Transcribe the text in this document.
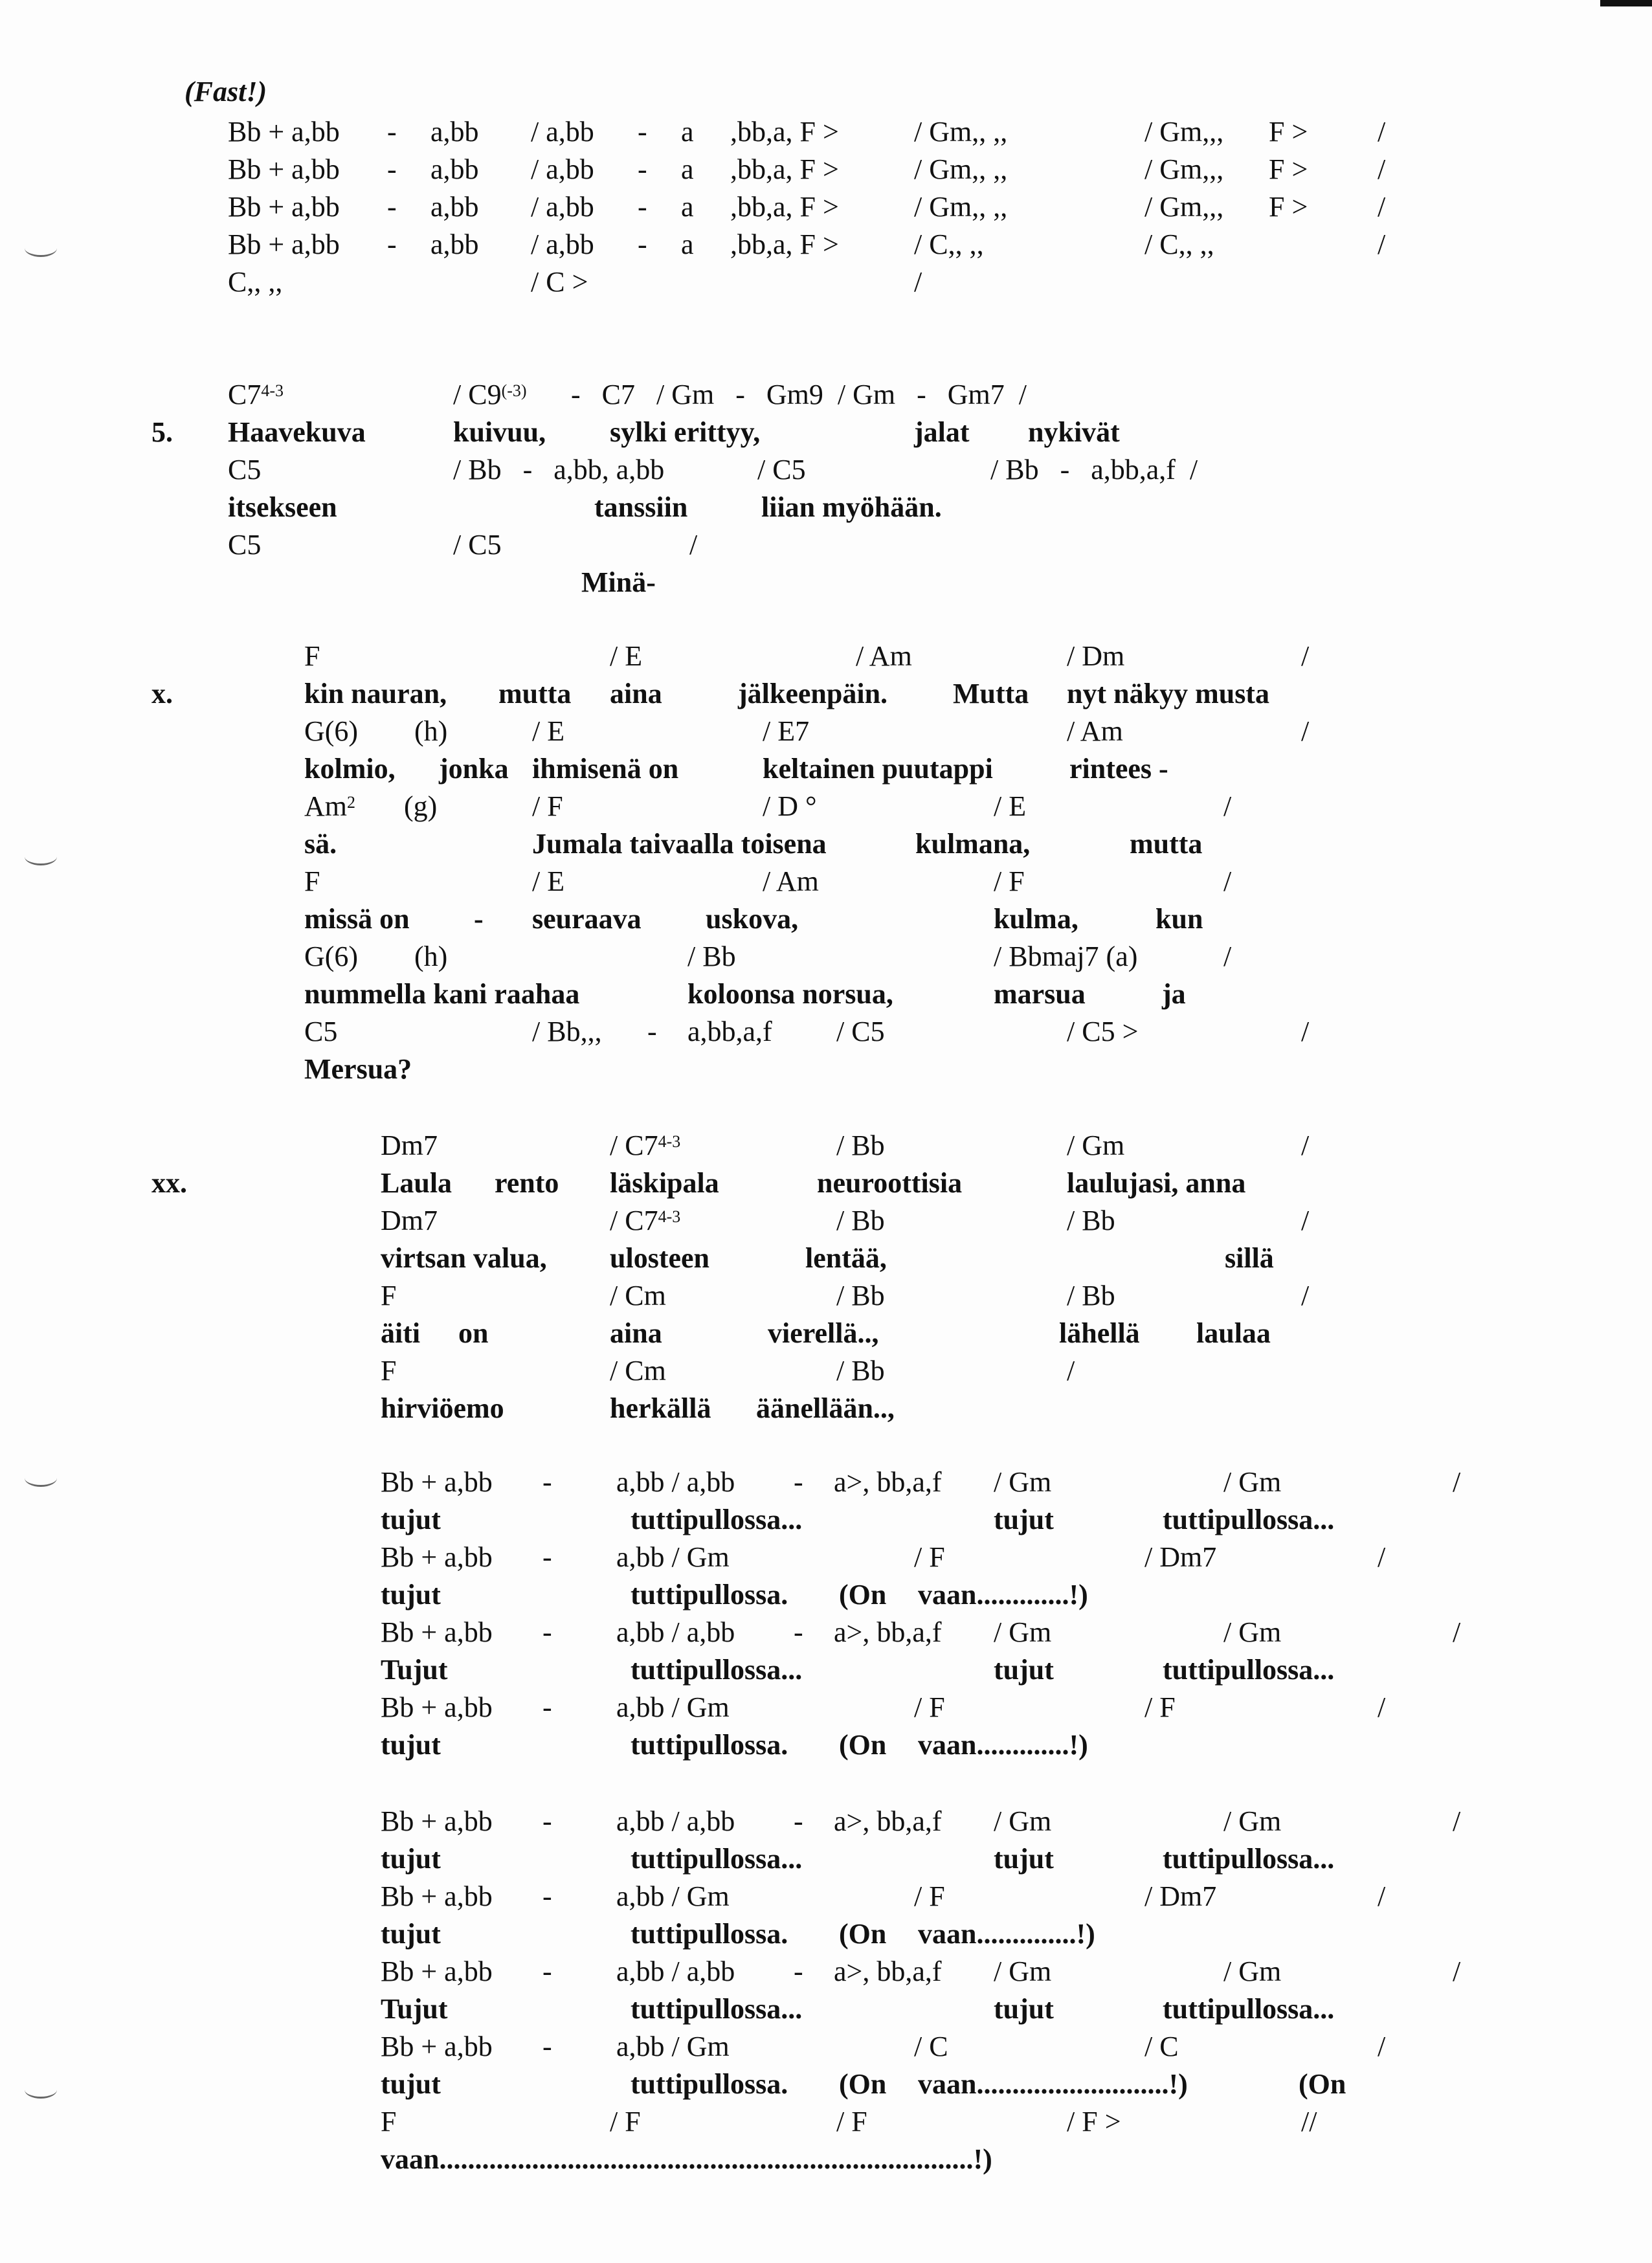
(Fast!)
Bb + a,bb - a,bb / a,bb - a ,bb,a, F >	/ Gm,, ,,	/ Gm,,, F > /
Bb + a,bb - a,bb / a,bb - a ,bb,a, F >	/ Gm,, ,,	/ Gm,,, F > /
Bb + a,bb - a,bb / a,bb - a ,bb,a, F >	/ Gm,, ,,	/ Gm,,, F > /
Bb + a,bb - a,bb / a,bb - a ,bb,a, F >	/ C,, ,,	/ C,, ,,	/
C,, ,,	/ C >	/
C7$^{4-3}$	/ $C9^{(-3)} - C7$   / Gm   -   Gm9  / Gm   -   Gm7  /
5. Haavekuva	kuivuu, sylki erittyy,	jalat nykivät
C5	/ Bb   -   a,bb, a,bb	/ C5	/ Bb   -   a,bb,a,f  /
itsekseen	tanssiin	liian myöhään.
C5	/ C5	/
Minä-
F	/ E	/ Am	/ Dm	/
x.	kin nauran, mutta aina	jälkeenpäin. Mutta nyt näkyy musta
G(6) (h)	/ E	/ E7	/ Am	/
kolmio, jonka ihmisenä on	keltainen puutappi	rintees -
Am$^2$ (g)	/ F	/ D °	/ E	/
sä.	Jumala taivaalla toisena	kulmana,	mutta
F	/ E	/ Am	/ F	/
missä on - seuraava uskova,	kulma,	kun
G(6) (h)	/ Bb	/ Bbmaj7 (a)	/
nummella kani raahaa	koloonsa norsua,	marsua	ja
C5	/ Bb,,, - a,bb,a,f / C5	/ C5 >	/
Mersua?
Dm7	/ C7$^{4-3}$	/ Bb	/ Gm	/
xx.	Laula rento läskipala	neuroottisia	laulujasi, anna
Dm7	/ C7$^{4-3}$	/ Bb	/ Bb	/
virtsan valua, ulosteen	lentää,	sillä
F	/ Cm	/ Bb	/ Bb	/
äiti on	aina	vierellä..,	lähellä laulaa
F	/ Cm	/ Bb	/
hirviöemo	herkällä äänellään..,
Bb + a,bb - a,bb / a,bb - a>, bb,a,f / Gm	/ Gm	/
tujut	tuttipullossa...	tujut	tuttipullossa...
Bb + a,bb - a,bb / Gm	/ F	/ Dm7	/
tujut	tuttipullossa. (On vaan.............!)
Bb + a,bb - a,bb / a,bb - a>, bb,a,f / Gm	/ Gm	/
Tujut	tuttipullossa...	tujut	tuttipullossa...
Bb + a,bb - a,bb / Gm	/ F	/ F	/
tujut	tuttipullossa. (On vaan.............!)
Bb + a,bb - a,bb / a,bb - a>, bb,a,f / Gm	/ Gm	/
tujut	tuttipullossa...	tujut	tuttipullossa...
Bb + a,bb - a,bb / Gm	/ F	/ Dm7	/
tujut	tuttipullossa. (On vaan..............!)
Bb + a,bb - a,bb / a,bb - a>, bb,a,f / Gm	/ Gm	/
Tujut	tuttipullossa...	tujut	tuttipullossa...
Bb + a,bb - a,bb / Gm	/ C	/ C	/
tujut	tuttipullossa. (On vaan...........................!)	(On
F	/ F	/ F	/ F >	//
vaan...........................................................................!)
